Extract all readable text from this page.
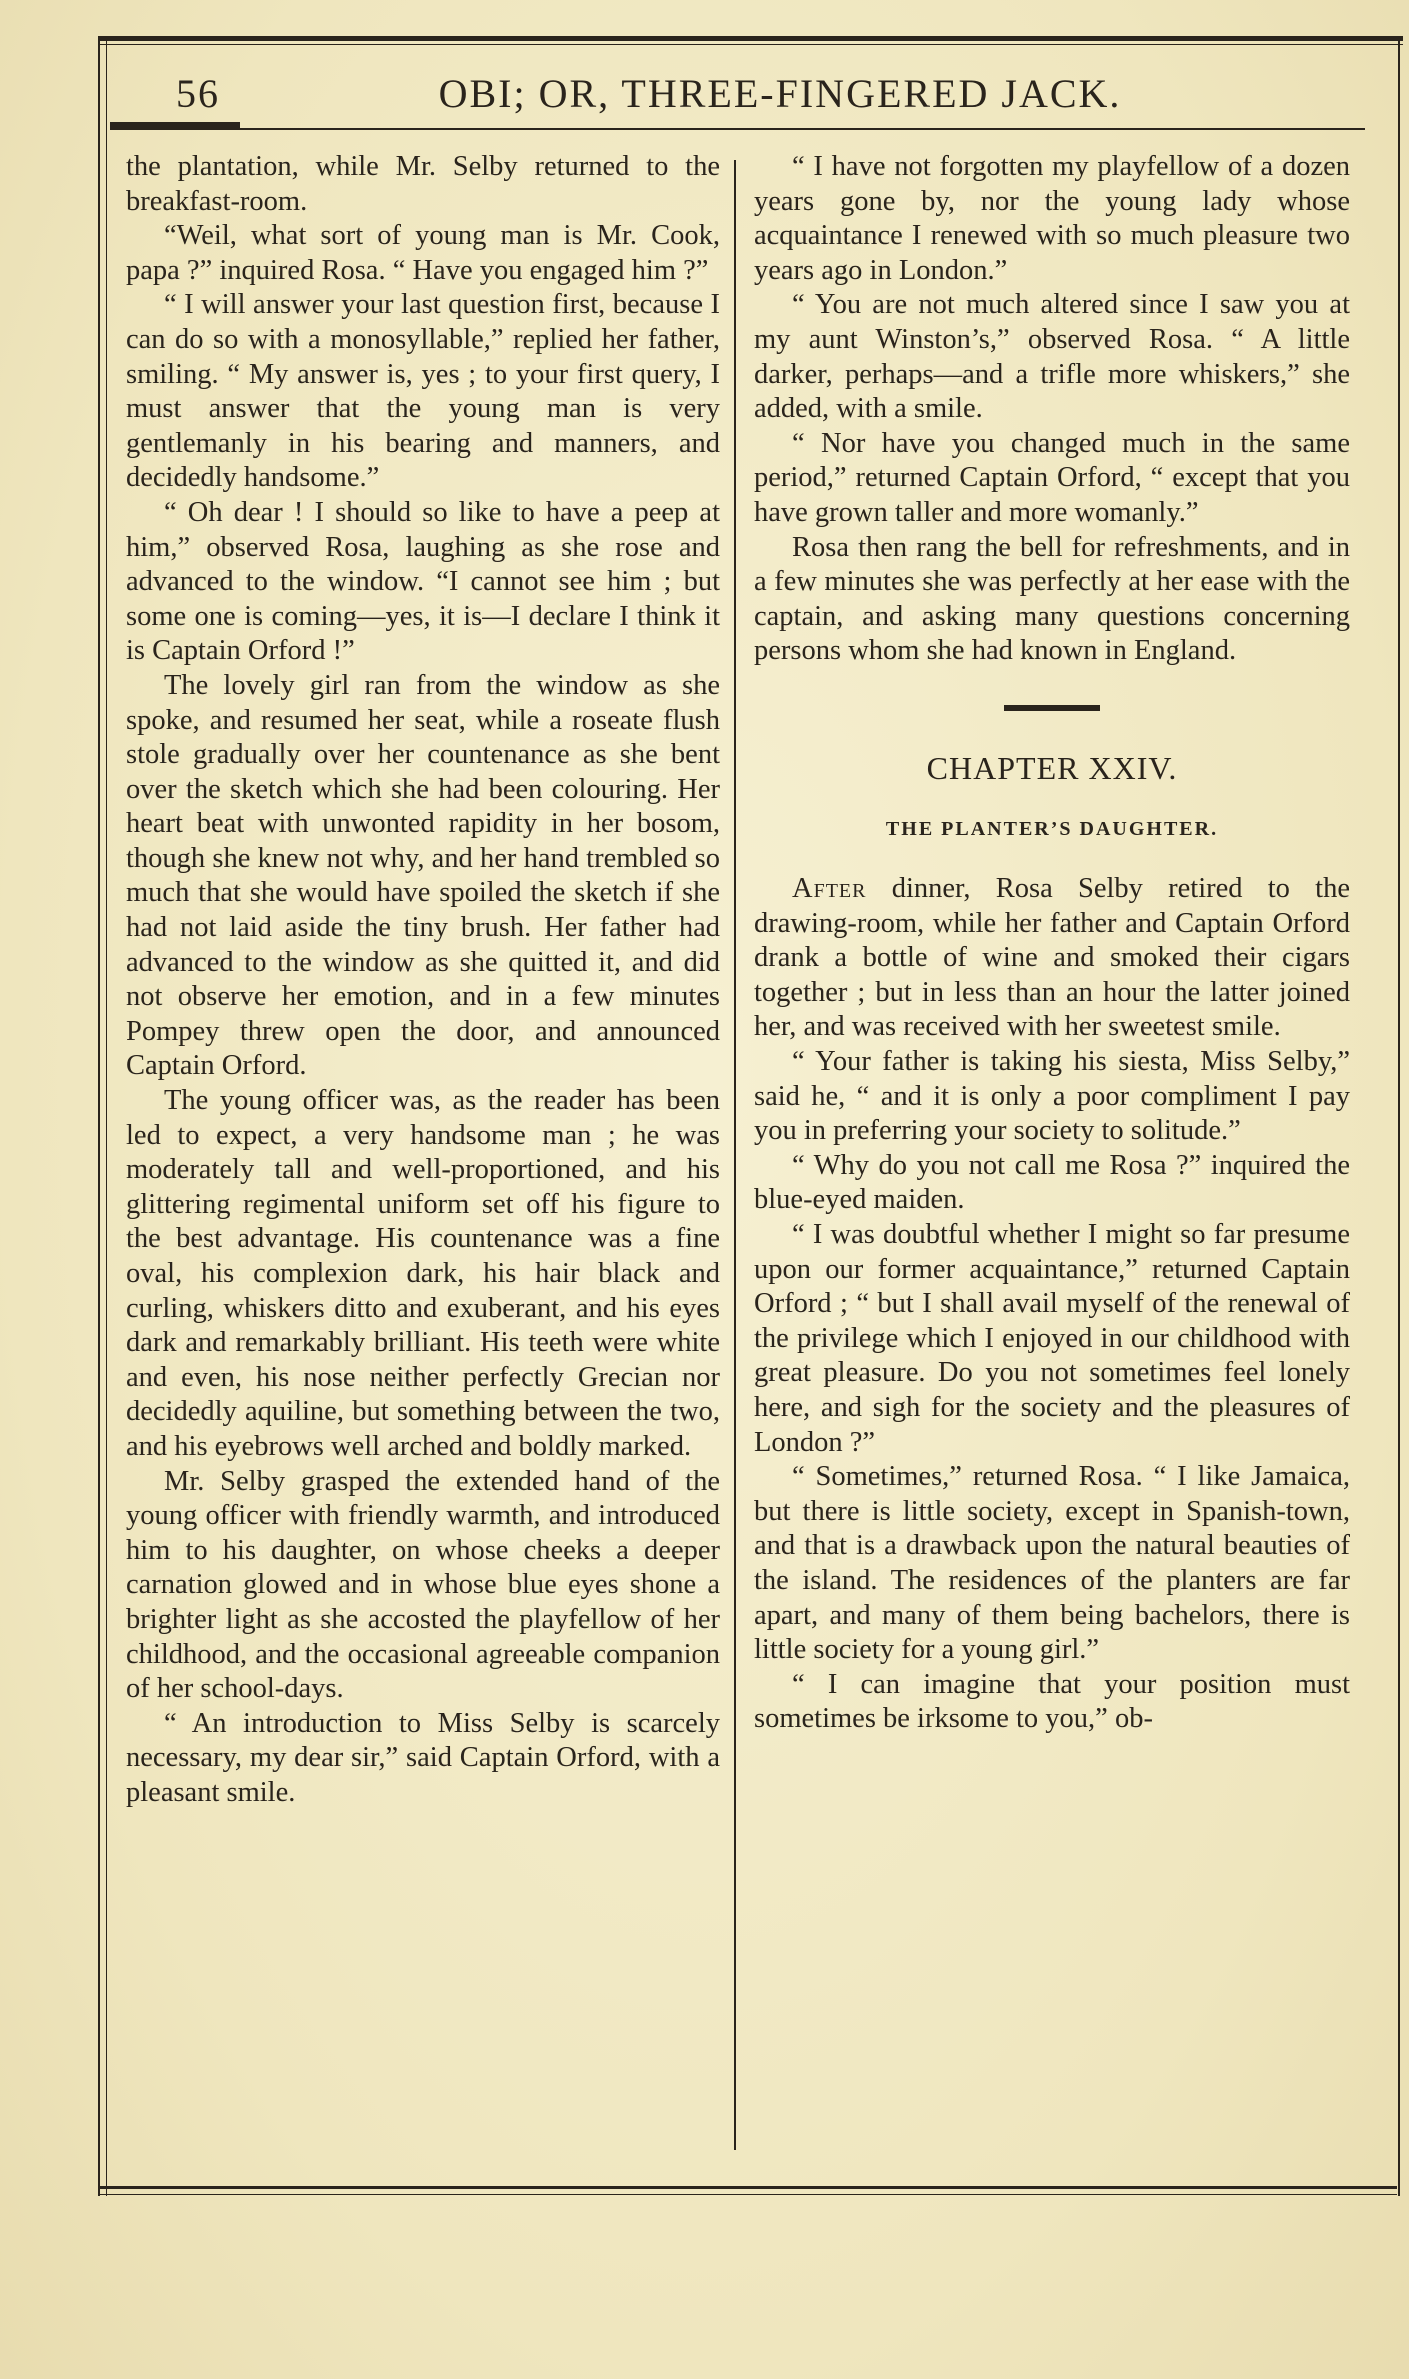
56	OBI; OR, THREE-FINGERED JACK.

the plantation, while Mr. Selby returned to the breakfast-room.

“Weil, what sort of young man is Mr. Cook, papa ?” inquired Rosa. “ Have you engaged him ?”

“ I will answer your last question first, because I can do so with a monosyllable,” replied her father, smiling. “ My answer is, yes ; to your first query, I must answer that the young man is very gentlemanly in his bearing and manners, and decidedly handsome.”

“ Oh dear ! I should so like to have a peep at him,” observed Rosa, laughing as she rose and advanced to the window. “I cannot see him ; but some one is coming—yes, it is—I declare I think it is Captain Orford !”

The lovely girl ran from the window as she spoke, and resumed her seat, while a roseate flush stole gradually over her countenance as she bent over the sketch which she had been colouring. Her heart beat with unwonted rapidity in her bosom, though she knew not why, and her hand trembled so much that she would have spoiled the sketch if she had not laid aside the tiny brush. Her father had advanced to the window as she quitted it, and did not observe her emotion, and in a few minutes Pompey threw open the door, and announced Captain Orford.

The young officer was, as the reader has been led to expect, a very handsome man ; he was moderately tall and well-proportioned, and his glittering regimental uniform set off his figure to the best advantage. His countenance was a fine oval, his complexion dark, his hair black and curling, whiskers ditto and exuberant, and his eyes dark and remarkably brilliant. His teeth were white and even, his nose neither perfectly Grecian nor decidedly aquiline, but something between the two, and his eyebrows well arched and boldly marked.

Mr. Selby grasped the extended hand of the young officer with friendly warmth, and introduced him to his daughter, on whose cheeks a deeper carnation glowed and in whose blue eyes shone a brighter light as she accosted the playfellow of her childhood, and the occasional agreeable companion of her school-days.

“ An introduction to Miss Selby is scarcely necessary, my dear sir,” said Captain Orford, with a pleasant smile.

“ I have not forgotten my playfellow of a dozen years gone by, nor the young lady whose acquaintance I renewed with so much pleasure two years ago in London.”

“ You are not much altered since I saw you at my aunt Winston’s,” observed Rosa. “ A little darker, perhaps—and a trifle more whiskers,” she added, with a smile.

“ Nor have you changed much in the same period,” returned Captain Orford, “ except that you have grown taller and more womanly.”

Rosa then rang the bell for refreshments, and in a few minutes she was perfectly at her ease with the captain, and asking many questions concerning persons whom she had known in England.

CHAPTER XXIV.
THE PLANTER’S DAUGHTER.

After dinner, Rosa Selby retired to the drawing-room, while her father and Captain Orford drank a bottle of wine and smoked their cigars together ; but in less than an hour the latter joined her, and was received with her sweetest smile.

“ Your father is taking his siesta, Miss Selby,” said he, “ and it is only a poor compliment I pay you in preferring your society to solitude.”

“ Why do you not call me Rosa ?” inquired the blue-eyed maiden.

“ I was doubtful whether I might so far presume upon our former acquaintance,” returned Captain Orford ; “ but I shall avail myself of the renewal of the privilege which I enjoyed in our childhood with great pleasure. Do you not sometimes feel lonely here, and sigh for the society and the pleasures of London ?”

“ Sometimes,” returned Rosa. “ I like Jamaica, but there is little society, except in Spanish-town, and that is a drawback upon the natural beauties of the island. The residences of the planters are far apart, and many of them being bachelors, there is little society for a young girl.”

“ I can imagine that your position must sometimes be irksome to you,” ob-
